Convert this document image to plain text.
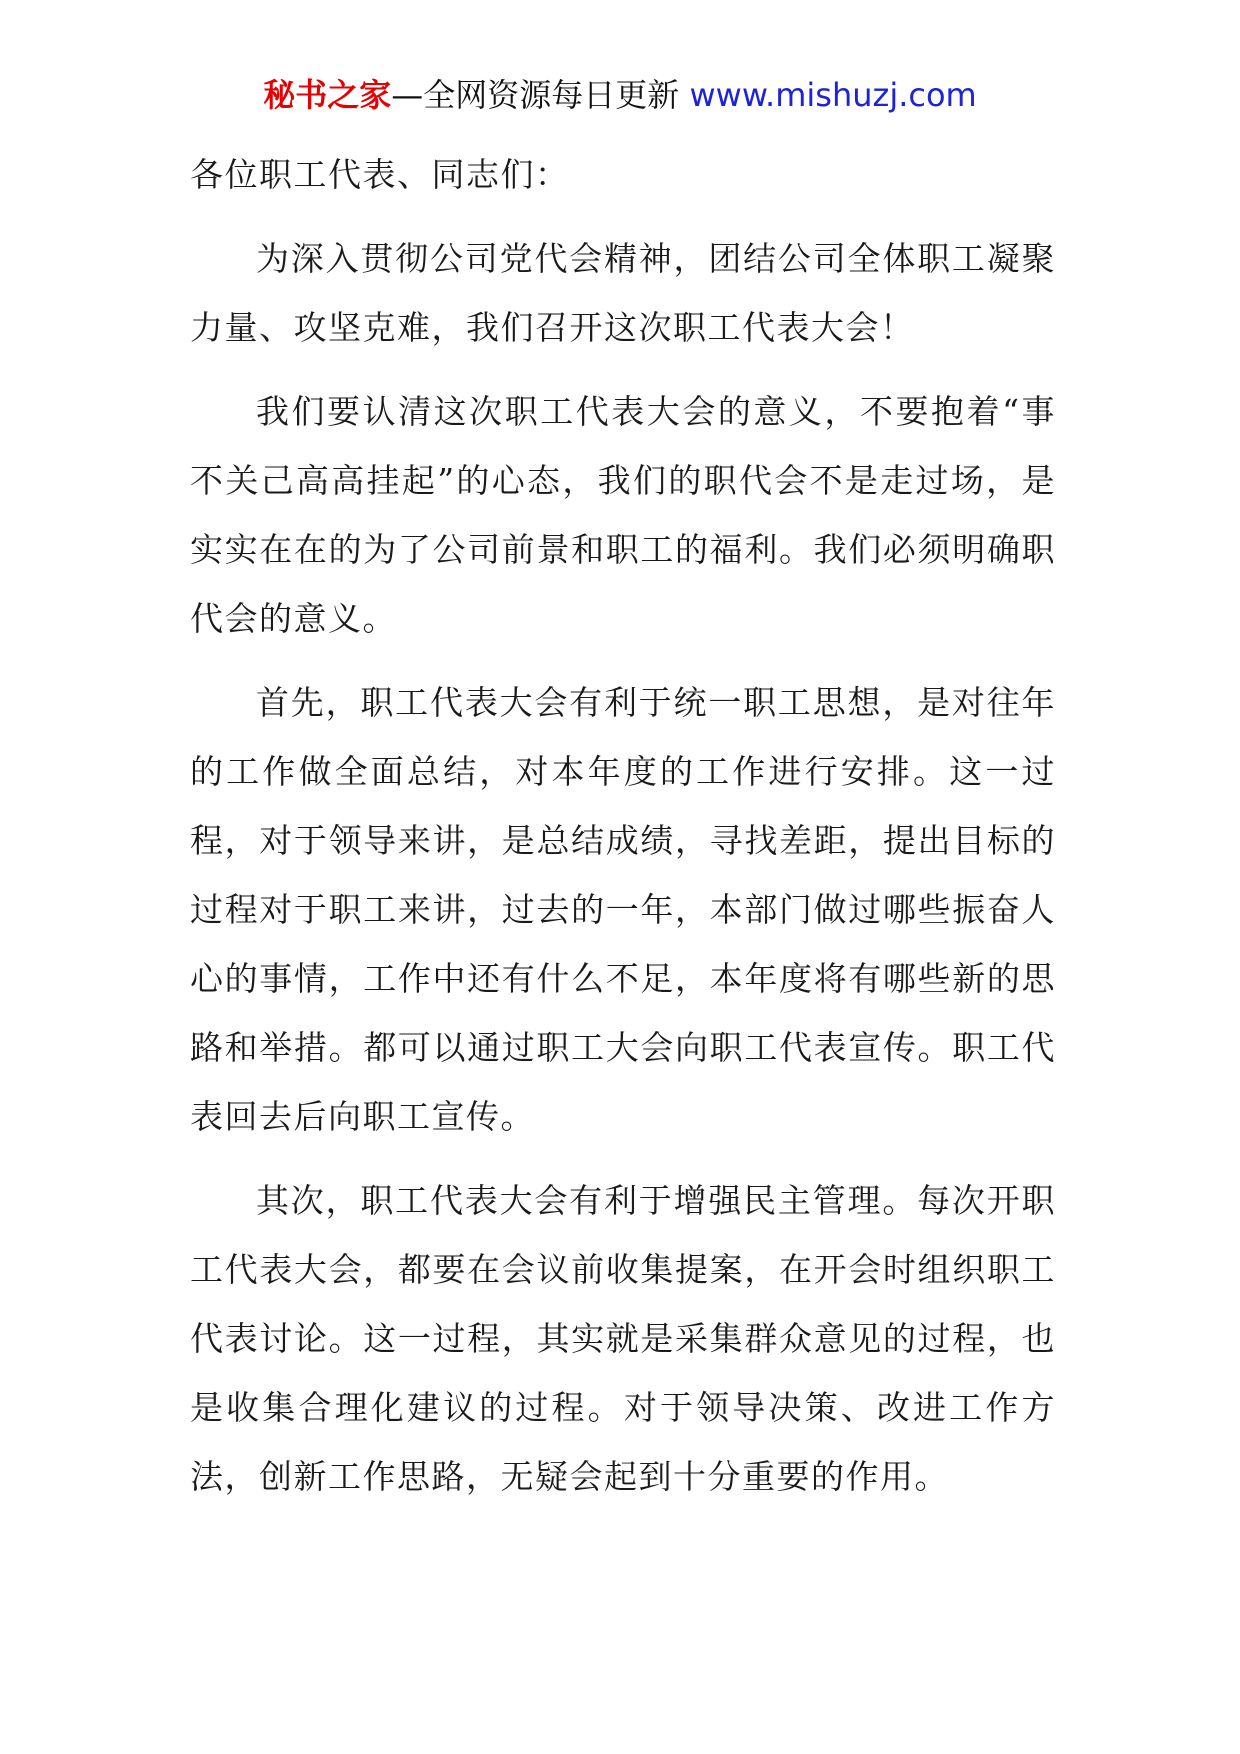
秘书之家—全网资源每日更新 www.mishuzj.com

各位职工代表、同志们：

为深入贯彻公司党代会精神，团结公司全体职工凝聚力量、攻坚克难，我们召开这次职工代表大会！

我们要认清这次职工代表大会的意义，不要抱着“事不关己高高挂起”的心态，我们的职代会不是走过场，是实实在在的为了公司前景和职工的福利。我们必须明确职代会的意义。

首先，职工代表大会有利于统一职工思想，是对往年的工作做全面总结，对本年度的工作进行安排。这一过程，对于领导来讲，是总结成绩，寻找差距，提出目标的过程对于职工来讲，过去的一年，本部门做过哪些振奋人心的事情，工作中还有什么不足，本年度将有哪些新的思路和举措。都可以通过职工大会向职工代表宣传。职工代表回去后向职工宣传。

其次，职工代表大会有利于增强民主管理。每次开职工代表大会，都要在会议前收集提案，在开会时组织职工代表讨论。这一过程，其实就是采集群众意见的过程，也是收集合理化建议的过程。对于领导决策、改进工作方法，创新工作思路，无疑会起到十分重要的作用。
